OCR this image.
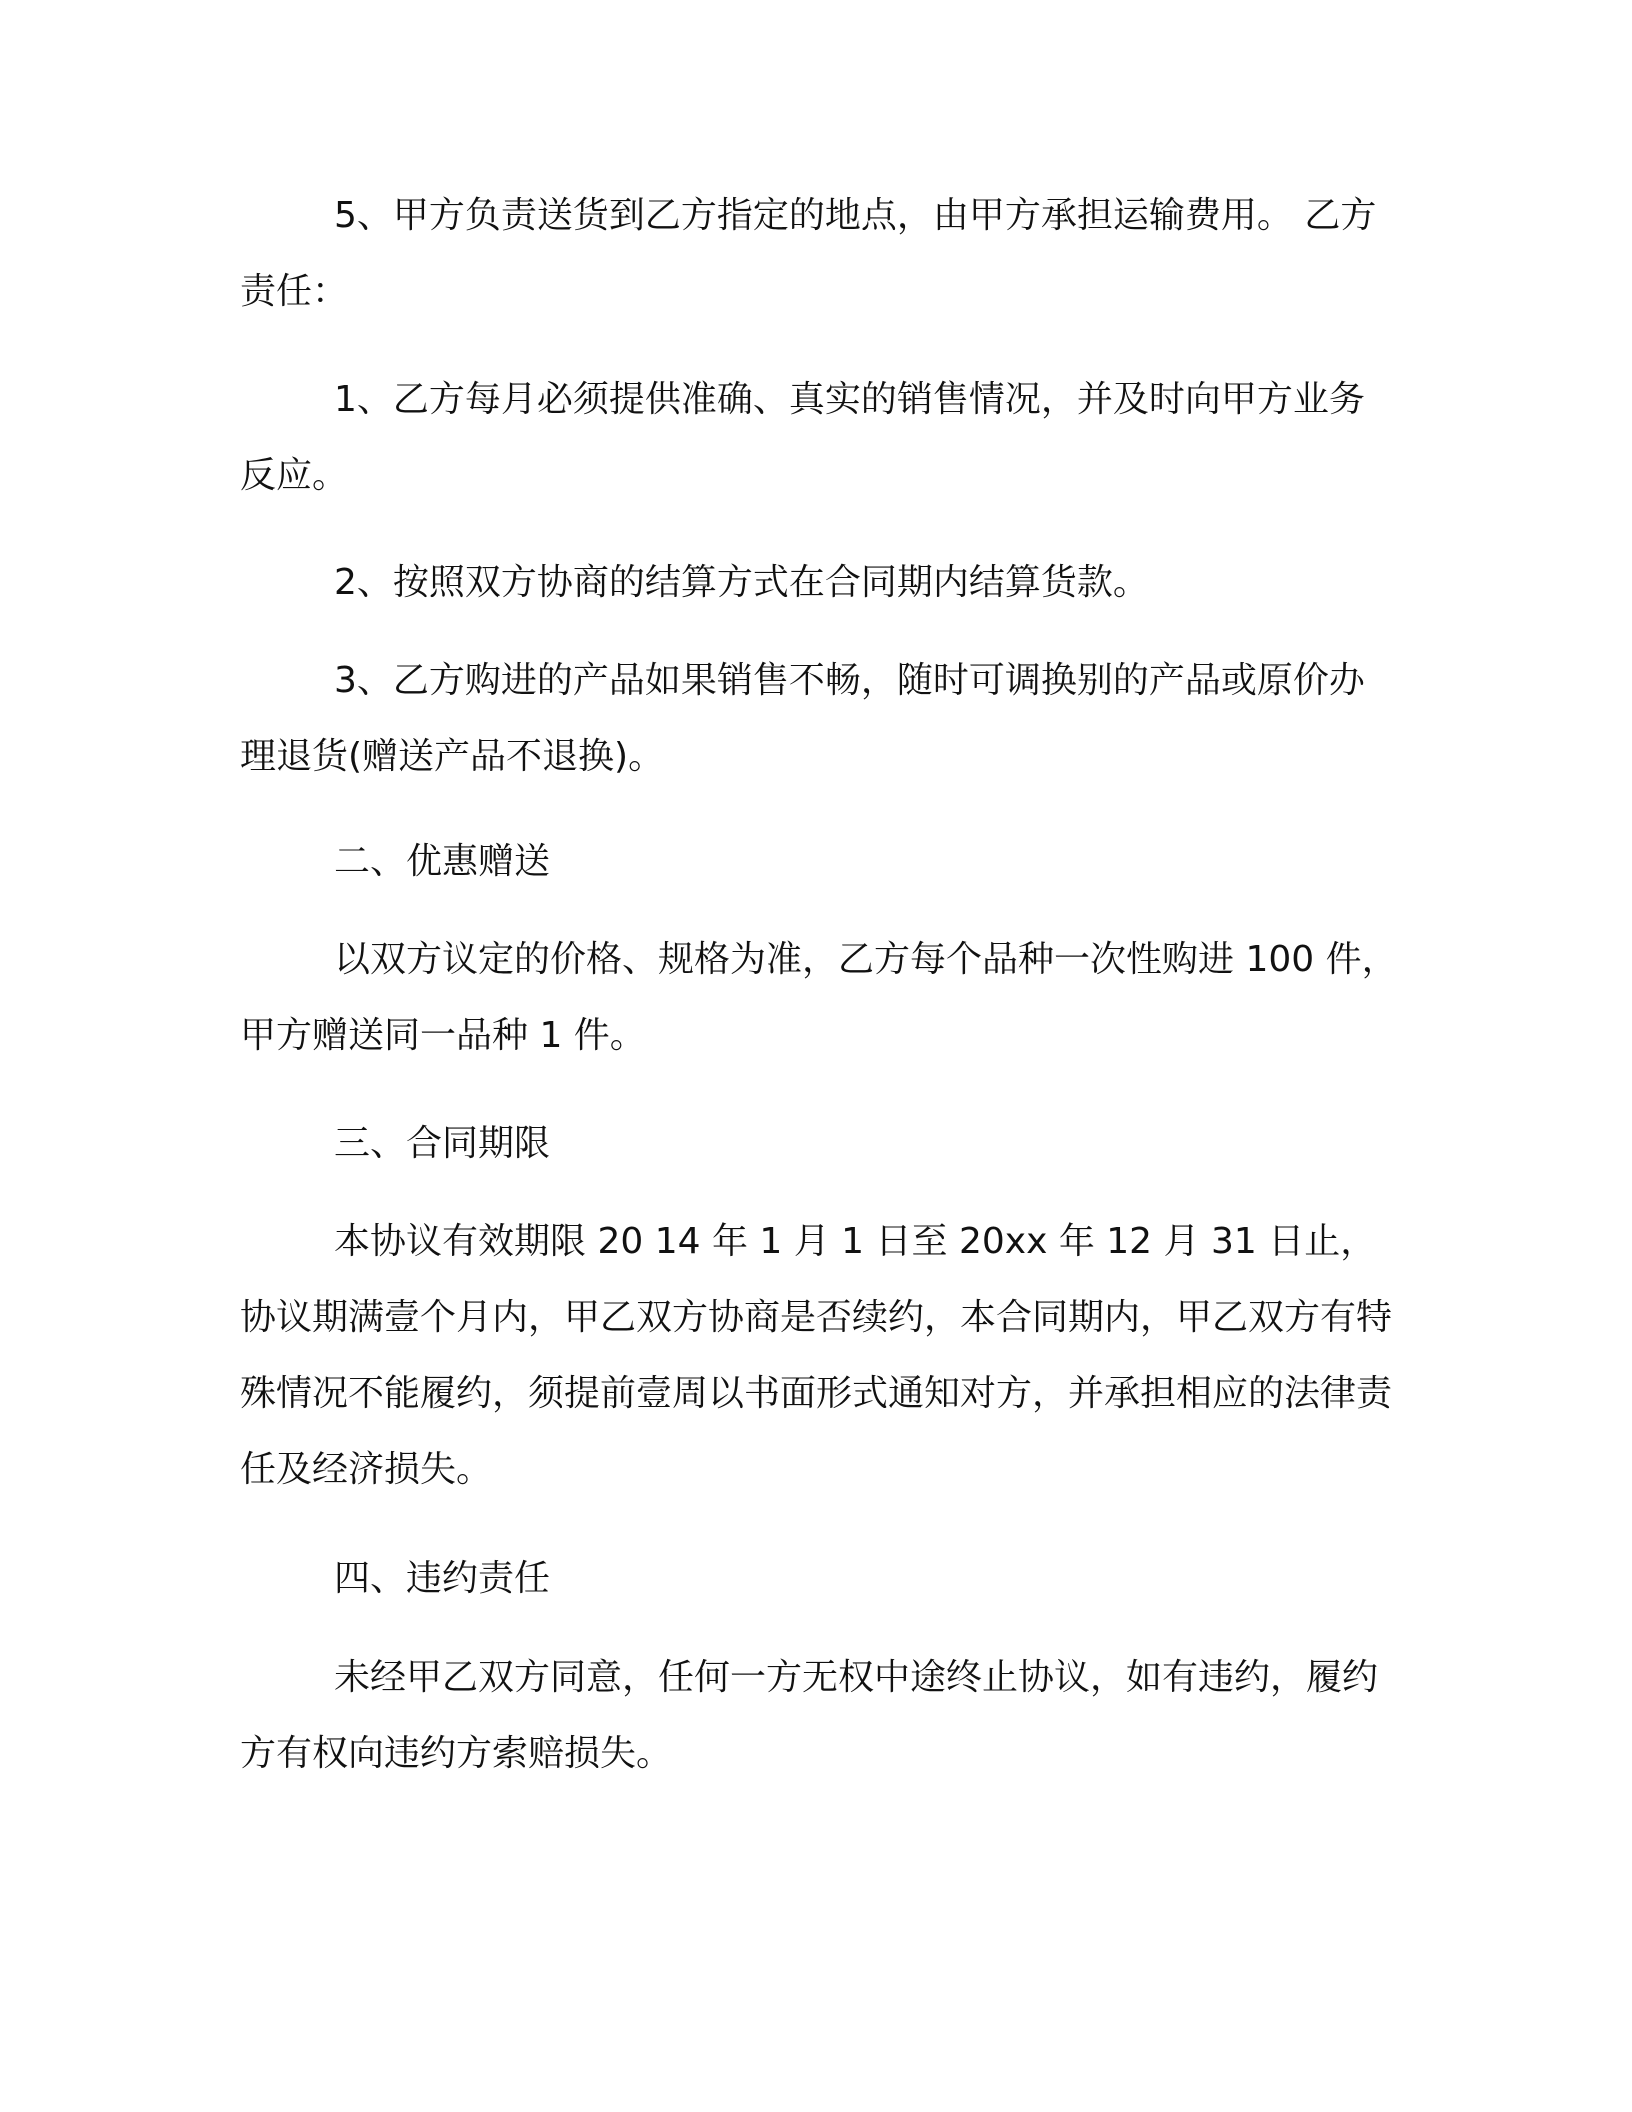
5、甲方负责送货到乙方指定的地点，由甲方承担运输费用。 乙方责任：

1、乙方每月必须提供准确、真实的销售情况，并及时向甲方业务反应。

2、按照双方协商的结算方式在合同期内结算货款。

3、乙方购进的产品如果销售不畅，随时可调换别的产品或原价办理退货(赠送产品不退换)。

二、优惠赠送

以双方议定的价格、规格为准，乙方每个品种一次性购进 100 件，甲方赠送同一品种 1 件。

三、合同期限

本协议有效期限 20 14 年 1 月 1 日至 20xx 年 12 月 31 日止，协议期满壹个月内，甲乙双方协商是否续约，本合同期内，甲乙双方有特殊情况不能履约，须提前壹周以书面形式通知对方，并承担相应的法律责任及经济损失。

四、违约责任

未经甲乙双方同意，任何一方无权中途终止协议，如有违约，履约方有权向违约方索赔损失。
